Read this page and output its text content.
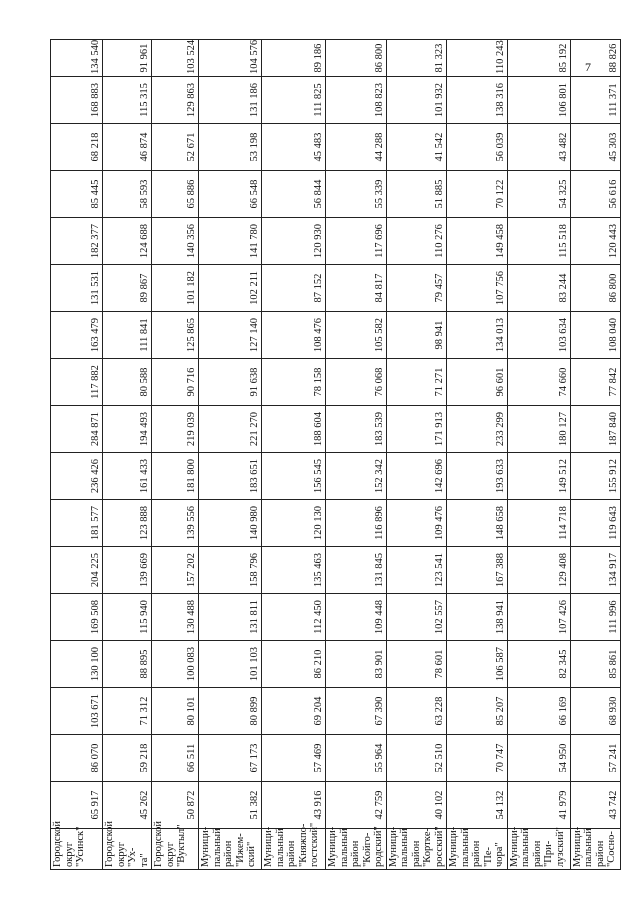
7
Городской
округ
"Усинск"	65 917	86 070	103 671	130 100	169 508	204 225	181 577	236 426	284 871	117 882	163 479	131 531	182 377	85 445	68 218	168 883	134 540
Городской
округ "Ух-
та"	45 262	59 218	71 312	88 895	115 940	139 669	123 888	161 433	194 493	80 588	111 841	89 867	124 688	58 593	46 874	115 315	91 961
Городской
округ
"Вуктыл"	50 872	66 511	80 101	100 083	130 488	157 202	139 556	181 800	219 039	90 716	125 865	101 182	140 356	65 886	52 671	129 863	103 524
Муници-
пальный
район
"Ижем-
ский"	51 382	67 173	80 899	101 103	131 811	158 796	140 980	183 651	221 270	91 638	127 140	102 211	141 780	66 548	53 198	131 186	104 576
Муници-
пальный
район
"Княжпо-
гостский"	43 916	57 469	69 204	86 210	112 450	135 463	120 130	156 545	188 604	78 158	108 476	87 152	120 930	56 844	45 483	111 825	89 186
Муници-
пальный
район
"Койго-
родский"	42 759	55 964	67 390	83 901	109 448	131 845	116 896	152 342	183 539	76 068	105 582	84 817	117 696	55 339	44 288	108 823	86 800
Муници-
пальный
район
"Корткe-
росский"	40 102	52 510	63 228	78 601	102 557	123 541	109 476	142 696	171 913	71 271	98 941	79 457	110 276	51 885	41 542	101 932	81 323
Муници-
пальный
район "Пе-
чора"	54 132	70 747	85 207	106 587	138 941	167 388	148 658	193 633	233 299	96 601	134 013	107 756	149 458	70 122	56 039	138 316	110 243
Муници-
пальный
район
"При-
лузский"	41 979	54 950	66 169	82 345	107 426	129 408	114 718	149 512	180 127	74 660	103 634	83 244	115 518	54 325	43 482	106 801	85 192
Муници-
пальный
район
"Сосно-	43 742	57 241	68 930	85 861	111 996	134 917	119 643	155 912	187 840	77 842	108 040	86 800	120 443	56 616	45 303	111 371	88 826
